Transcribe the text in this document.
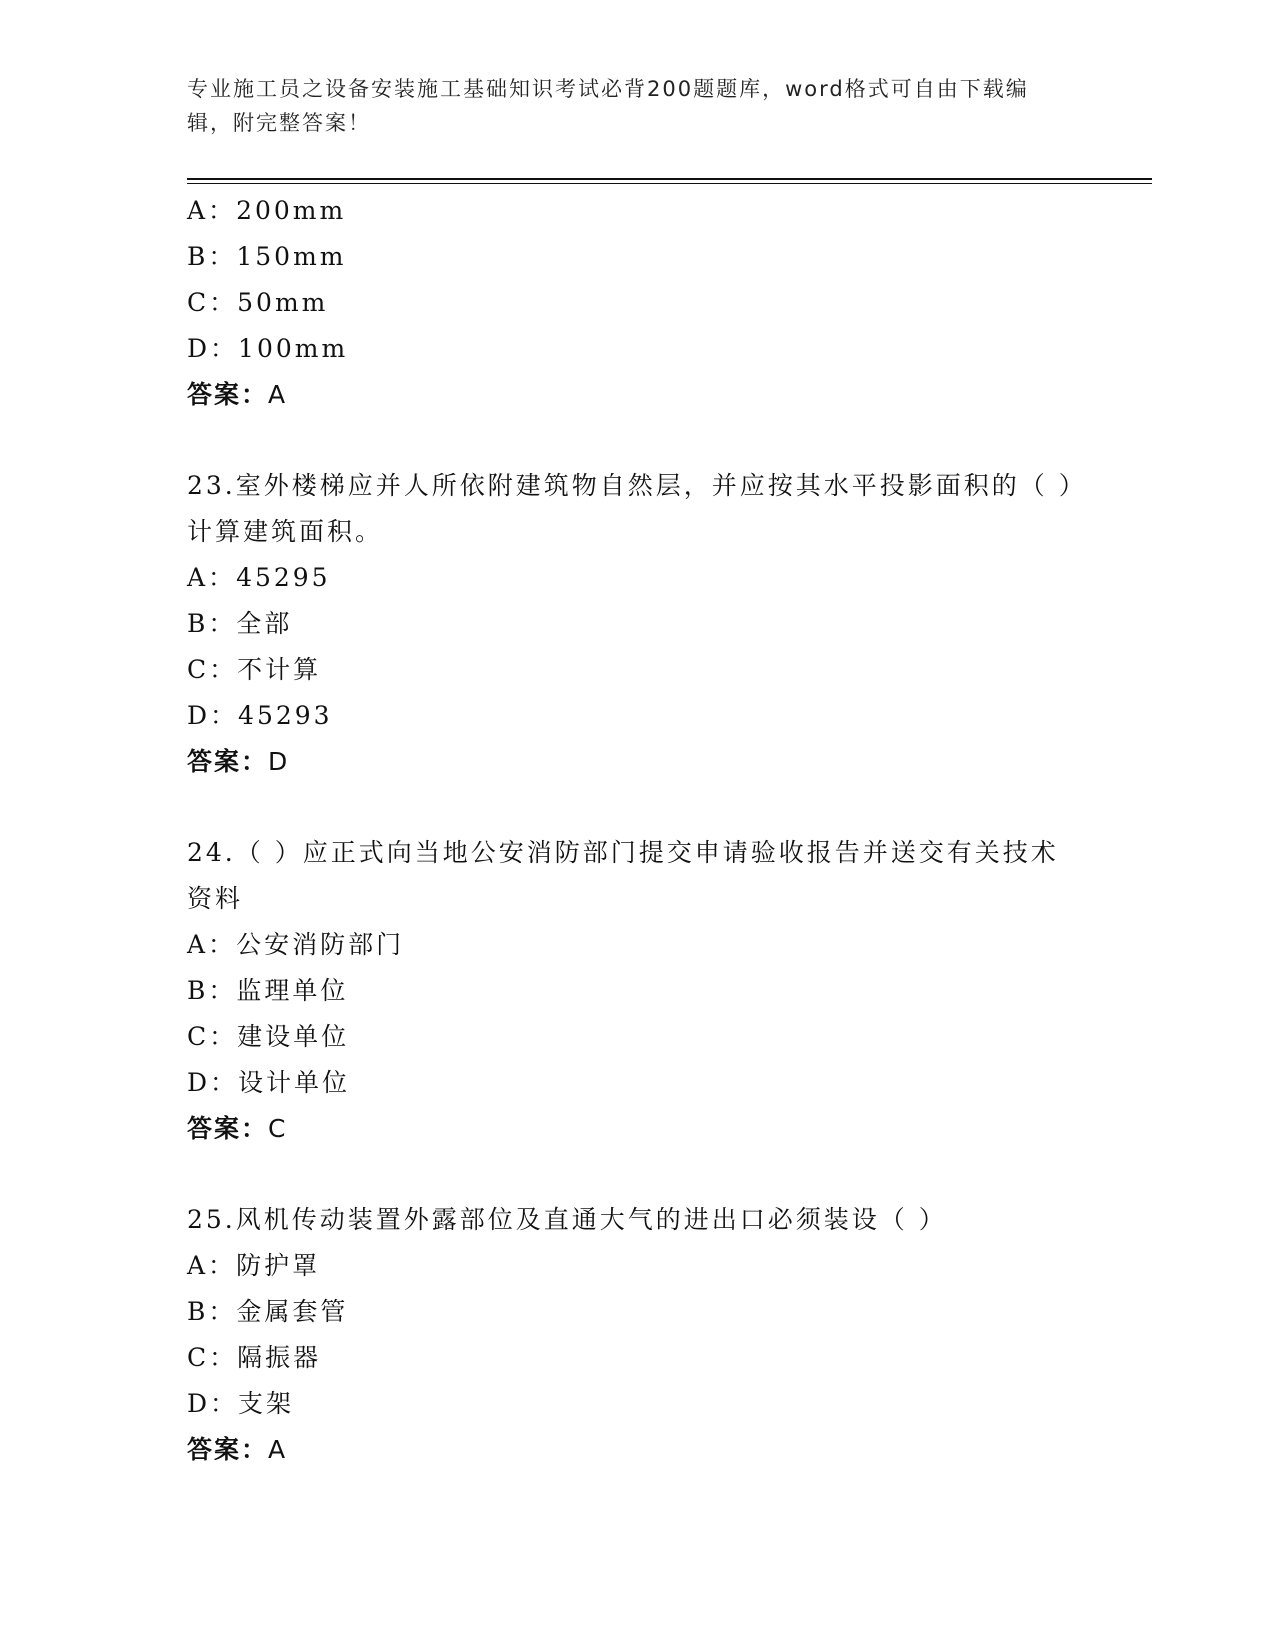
专业施工员之设备安装施工基础知识考试必背200题题库，word格式可自由下载编辑，附完整答案！
A：200mm
B：150mm
C：50mm
D：100mm
答案：A
23.室外楼梯应并人所依附建筑物自然层，并应按其水平投影面积的（ ）计算建筑面积。
A：45295
B：全部
C：不计算
D：45293
答案：D
24.（ ）应正式向当地公安消防部门提交申请验收报告并送交有关技术资料
A：公安消防部门
B：监理单位
C：建设单位
D：设计单位
答案：C
25.风机传动装置外露部位及直通大气的进出口必须装设（ ）
A：防护罩
B：金属套管
C：隔振器
D：支架
答案：A
